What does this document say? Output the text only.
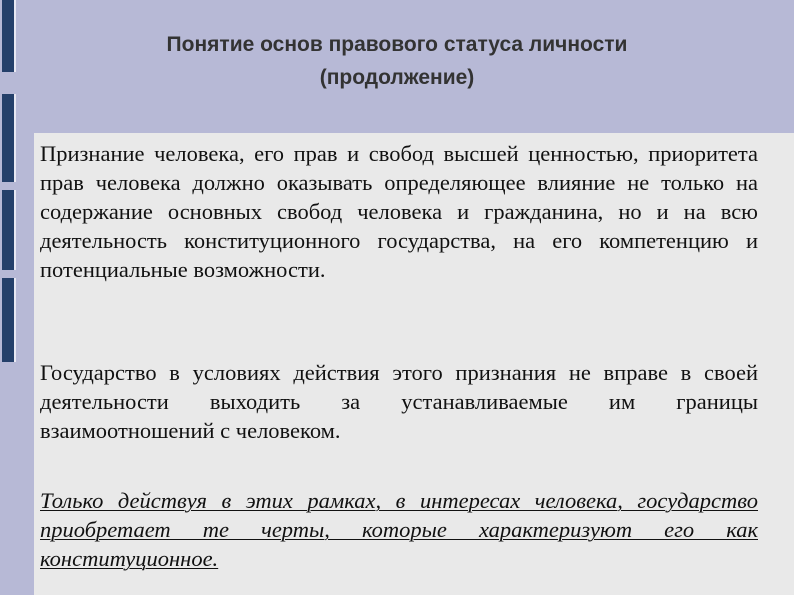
Понятие основ правового статуса личности
(продолжение)

Признание человека, его прав и свобод высшей ценностью, приоритета прав человека должно оказывать определяющее влияние не только на содержание основных свобод человека и гражданина, но и на всю деятельность конституционного государства, на его компетенцию и потенциальные возможности.

Государство в условиях действия этого признания не вправе в своей деятельности выходить за устанавливаемые им границы взаимоотношений с человеком.

Только действуя в этих рамках, в интересах человека, государство приобретает те черты, которые характеризуют его как конституционное.
